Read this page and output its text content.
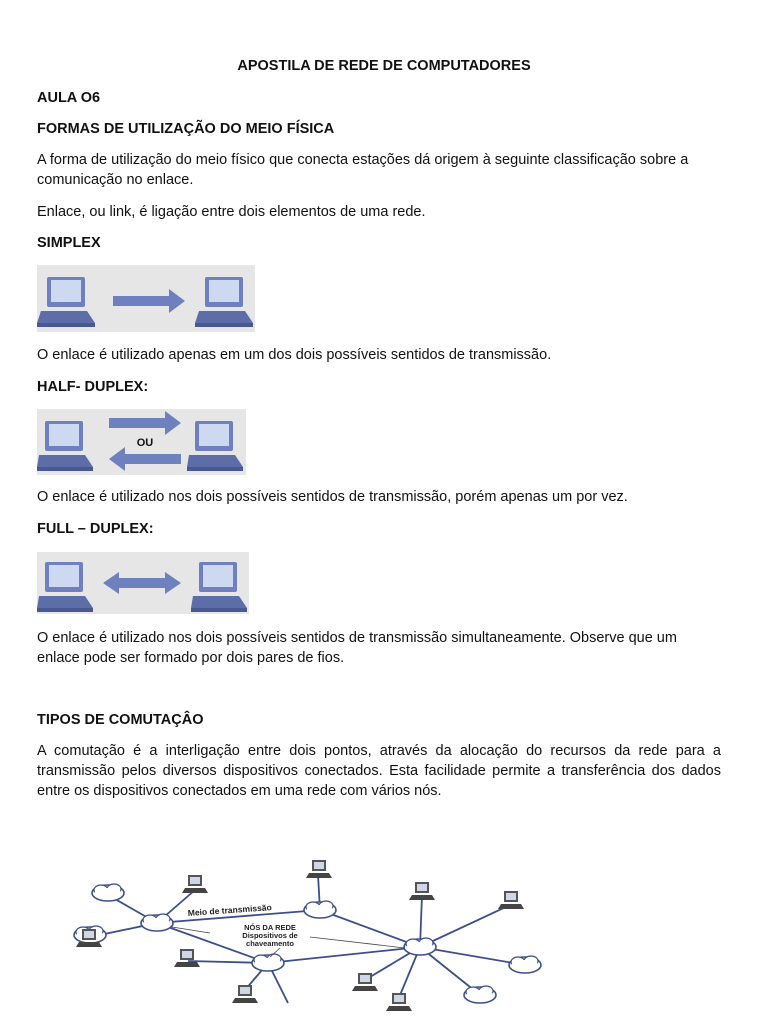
APOSTILA DE REDE DE COMPUTADORES
AULA O6
FORMAS DE UTILIZAÇÃO DO MEIO FÍSICA
A forma de utilização do meio físico que conecta estações dá origem à seguinte classificação sobre a comunicação no enlace.
Enlace, ou link, é ligação entre dois elementos de uma rede.
SIMPLEX
O enlace é utilizado apenas em um dos dois possíveis sentidos de transmissão.
HALF- DUPLEX:
OU
O enlace é utilizado nos dois possíveis sentidos de transmissão, porém apenas um por vez.
FULL – DUPLEX:
O enlace é utilizado nos dois possíveis sentidos de transmissão simultaneamente. Observe que um enlace pode ser formado por dois pares de fios.
TIPOS DE COMUTAÇÂO
A comutação é a interligação entre dois pontos, através da alocação do recursos da rede para a transmissão pelos diversos dispositivos conectados. Esta facilidade permite a transferência dos dados entre os dispositivos conectados em uma rede com vários nós.
Meio de transmissão
NÓS DA REDE
Dispositivos de
chaveamento
